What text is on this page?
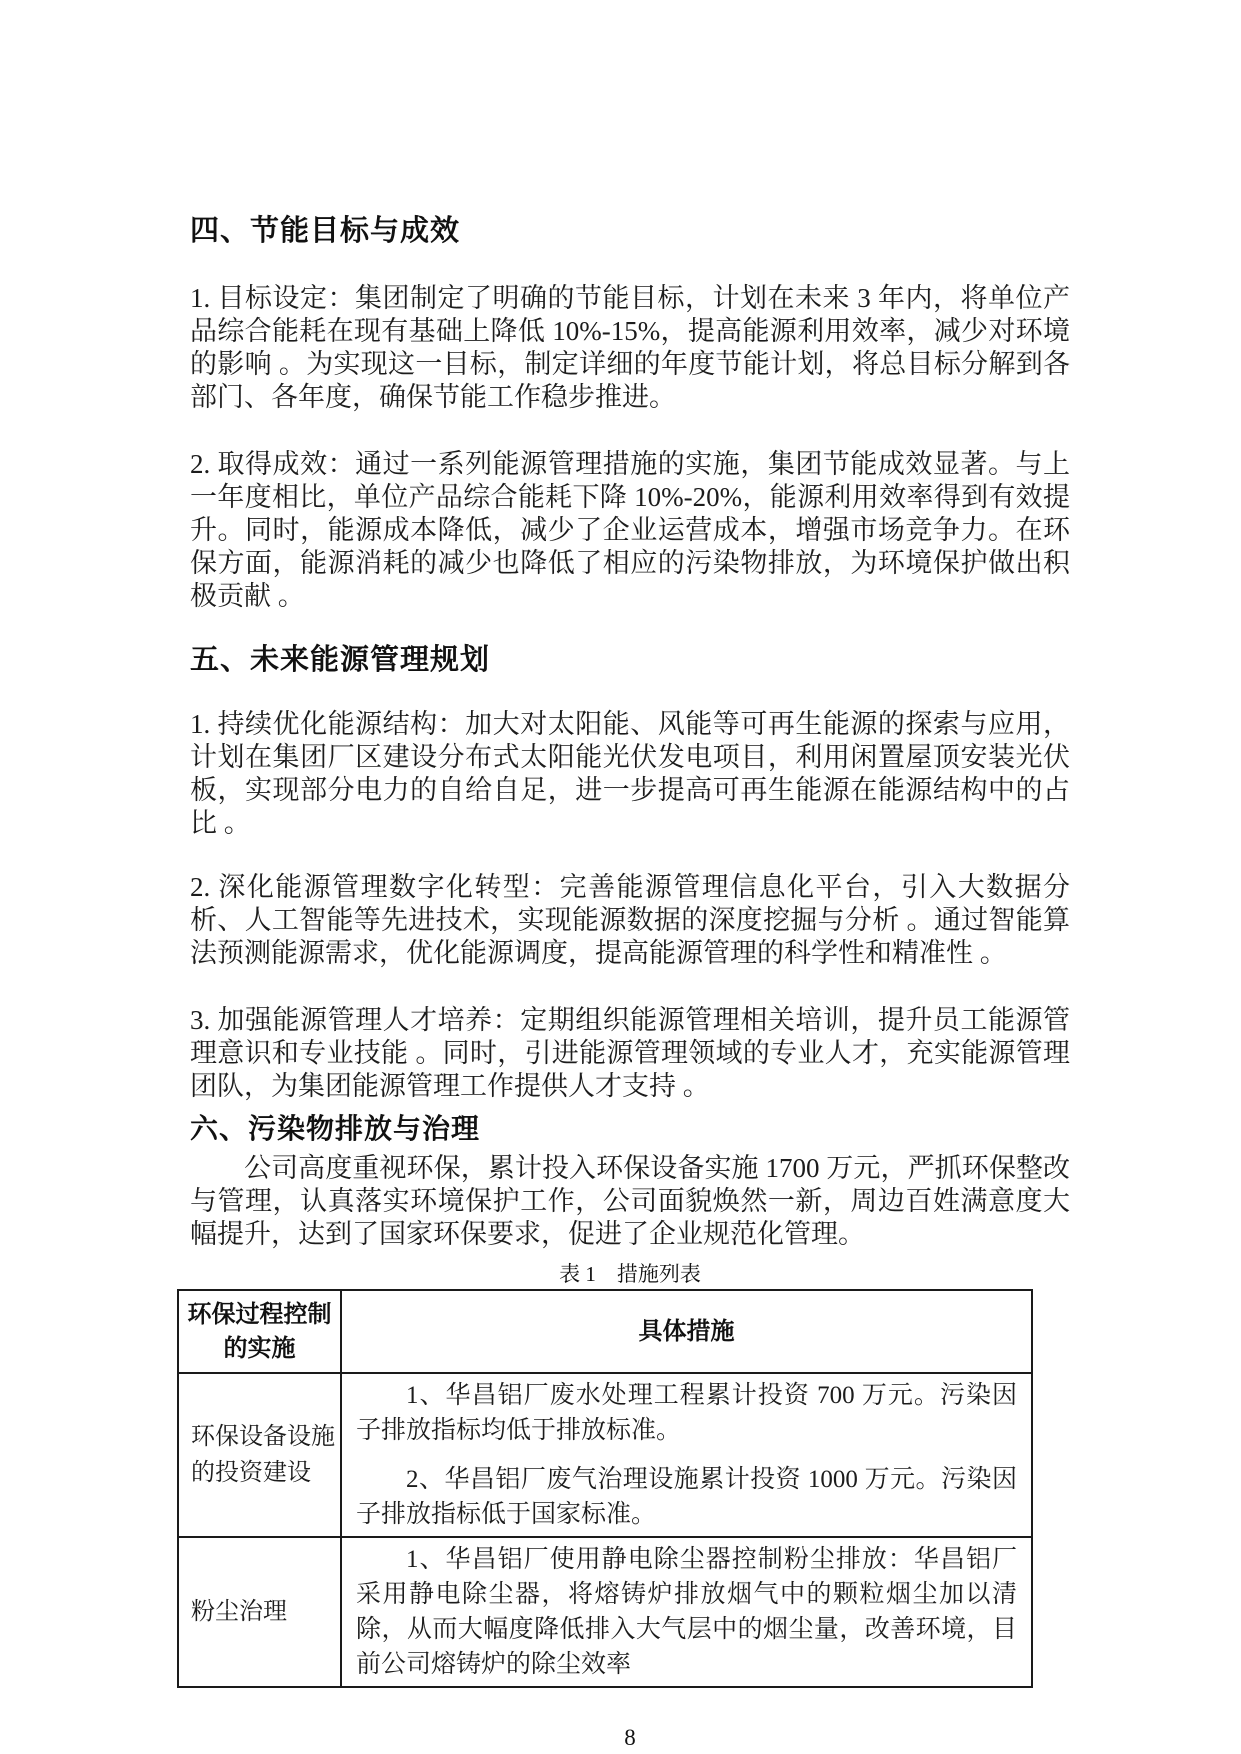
四、节能目标与成效

1. 目标设定：集团制定了明确的节能目标，计划在未来 3 年内，将单位产品综合能耗在现有基础上降低 10%-15%，提高能源利用效率，减少对环境的影响 。为实现这一目标，制定详细的年度节能计划，将总目标分解到各部门、各年度，确保节能工作稳步推进。

2. 取得成效：通过一系列能源管理措施的实施，集团节能成效显著。与上一年度相比，单位产品综合能耗下降 10%-20%，能源利用效率得到有效提升。同时，能源成本降低，减少了企业运营成本，增强市场竞争力。在环保方面，能源消耗的减少也降低了相应的污染物排放，为环境保护做出积极贡献 。

五、未来能源管理规划

1. 持续优化能源结构：加大对太阳能、风能等可再生能源的探索与应用，计划在集团厂区建设分布式太阳能光伏发电项目，利用闲置屋顶安装光伏板，实现部分电力的自给自足，进一步提高可再生能源在能源结构中的占比 。

2. 深化能源管理数字化转型：完善能源管理信息化平台，引入大数据分析、人工智能等先进技术，实现能源数据的深度挖掘与分析 。通过智能算法预测能源需求，优化能源调度，提高能源管理的科学性和精准性 。

3. 加强能源管理人才培养：定期组织能源管理相关培训，提升员工能源管理意识和专业技能 。同时，引进能源管理领域的专业人才，充实能源管理团队，为集团能源管理工作提供人才支持 。

六、污染物排放与治理

公司高度重视环保，累计投入环保设备实施 1700 万元，严抓环保整改与管理，认真落实环境保护工作，公司面貌焕然一新，周边百姓满意度大幅提升，达到了国家环保要求，促进了企业规范化管理。

表 1　措施列表
环保过程控制的实施	具体措施
环保设备设施的投资建设	1、华昌铝厂废水处理工程累计投资 700 万元。污染因子排放指标均低于排放标准。

2、华昌铝厂废气治理设施累计投资 1000 万元。污染因子排放指标低于国家标准。

粉尘治理	1、华昌铝厂使用静电除尘器控制粉尘排放：华昌铝厂采用静电除尘器，将熔铸炉排放烟气中的颗粒烟尘加以清除，从而大幅度降低排入大气层中的烟尘量，改善环境，目前公司熔铸炉的除尘效率

8
